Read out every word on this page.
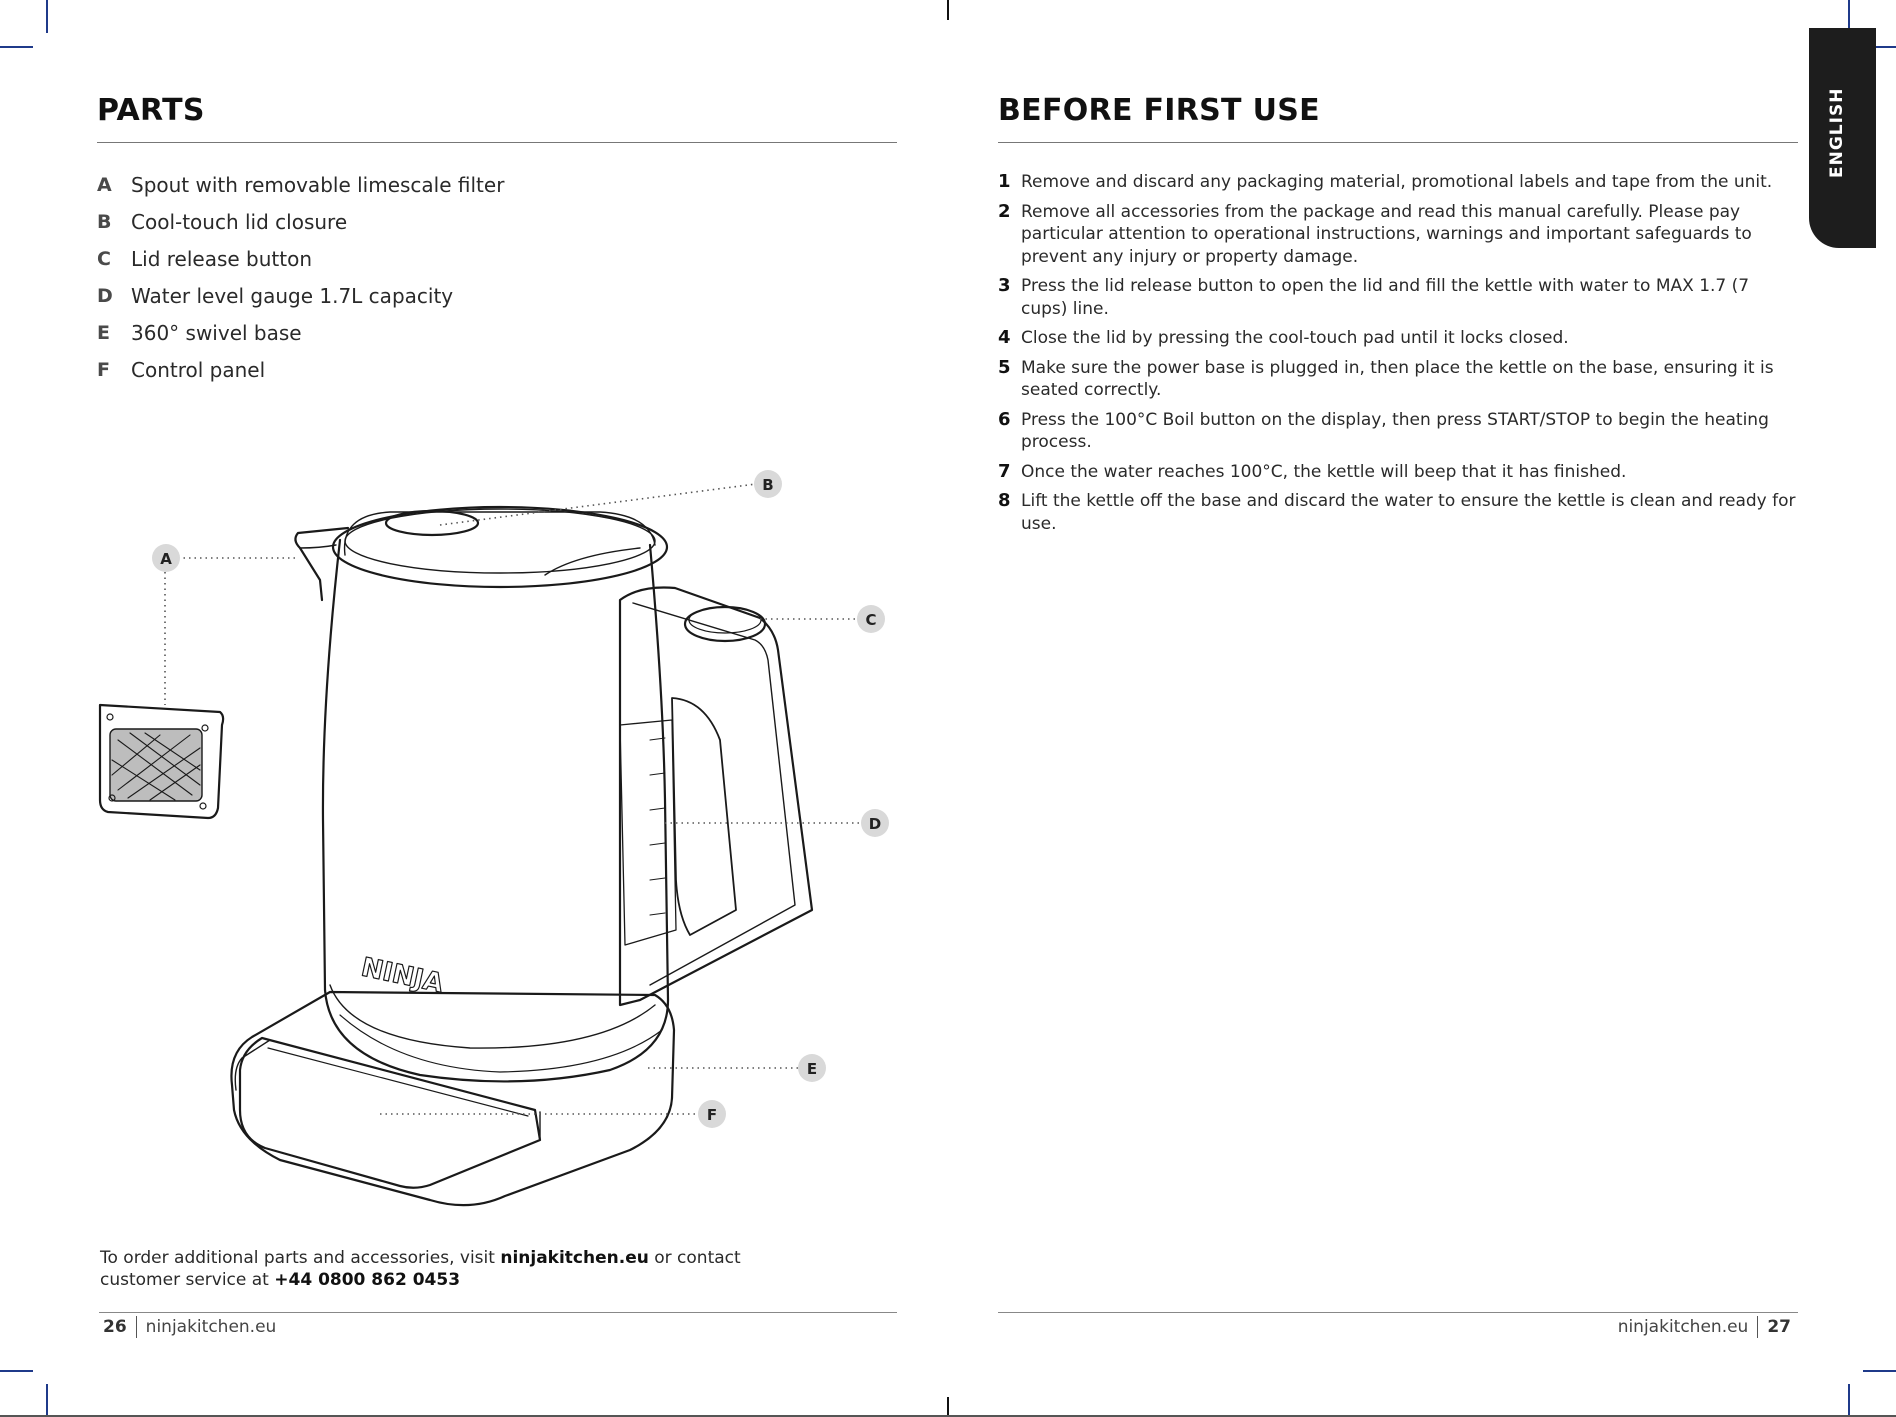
PARTS
A Spout with removable limescale filter
B Cool-touch lid closure
C	Lid release button
D Water level gauge 1.7L capacity
E	360° swivel base
F	Control panel
NINJA
A
B
C
D
E
F

To order additional parts and accessories, visit ninjakitchen.eu or contact customer service at +44 0800 862 0453

26 ninjakitchen.eu
BEFORE FIRST USE
1 Remove and discard any packaging material, promotional labels and tape from the unit.
2 Remove all accessories from the package and read this manual carefully. Please pay particular attention to operational instructions, warnings and important safeguards to prevent any injury or property damage.
3 Press the lid release button to open the lid and fill the kettle with water to MAX 1.7 (7 cups) line.
4 Close the lid by pressing the cool-touch pad until it locks closed.
5 Make sure the power base is plugged in, then place the kettle on the base, ensuring it is seated correctly.
6 Press the 100°C Boil button on the display, then press START/STOP to begin the heating process.
7 Once the water reaches 100°C, the kettle will beep that it has finished.
8 Lift the kettle off the base and discard the water to ensure the kettle is clean and ready for use.
ENGLISH
ninjakitchen.eu 27
